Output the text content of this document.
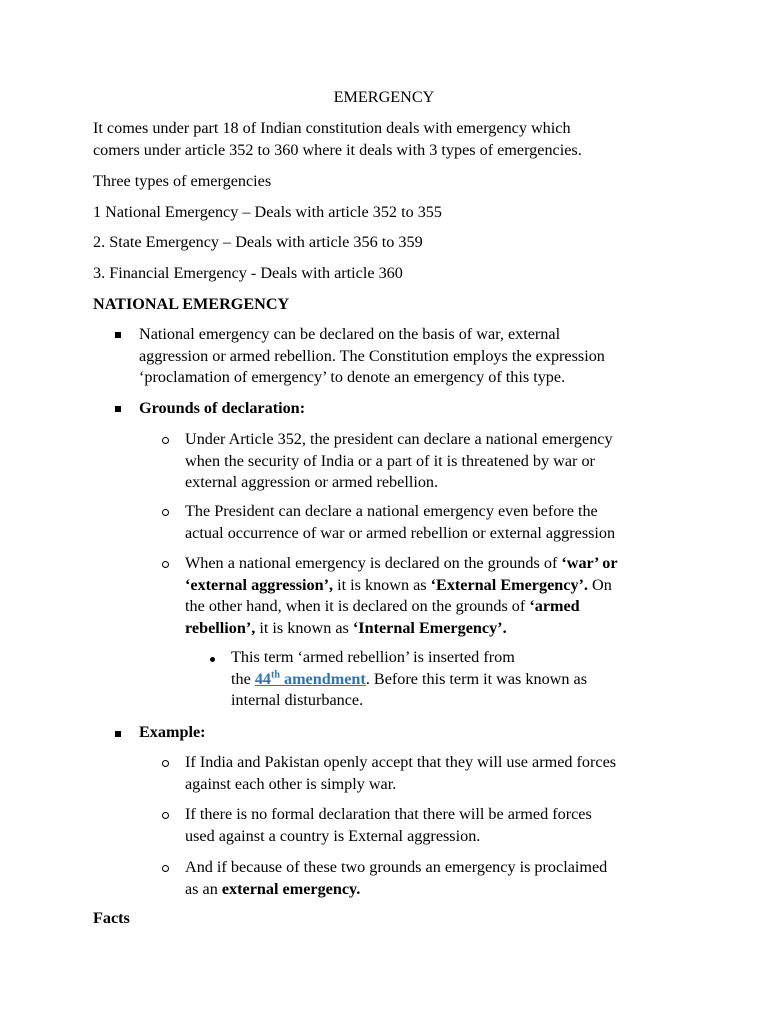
EMERGENCY

It comes under part 18 of Indian constitution deals with emergency which
comers under article 352 to 360 where it deals with 3 types of emergencies.

Three types of emergencies

1 National Emergency – Deals with article 352 to 355

2. State Emergency – Deals with article 356 to 359

3. Financial Emergency - Deals with article 360

NATIONAL EMERGENCY

National emergency can be declared on the basis of war, external
aggression or armed rebellion. The Constitution employs the expression
‘proclamation of emergency’ to denote an emergency of this type.

Grounds of declaration:

Under Article 352, the president can declare a national emergency
when the security of India or a part of it is threatened by war or
external aggression or armed rebellion.

The President can declare a national emergency even before the
actual occurrence of war or armed rebellion or external aggression

When a national emergency is declared on the grounds of ‘war’ or
‘external aggression’, it is known as ‘External Emergency’. On
the other hand, when it is declared on the grounds of ‘armed
rebellion’, it is known as ‘Internal Emergency’.

This term ‘armed rebellion’ is inserted from
the 44th amendment. Before this term it was known as
internal disturbance.

Example:

If India and Pakistan openly accept that they will use armed forces
against each other is simply war.

If there is no formal declaration that there will be armed forces
used against a country is External aggression.

And if because of these two grounds an emergency is proclaimed
as an external emergency.

Facts
